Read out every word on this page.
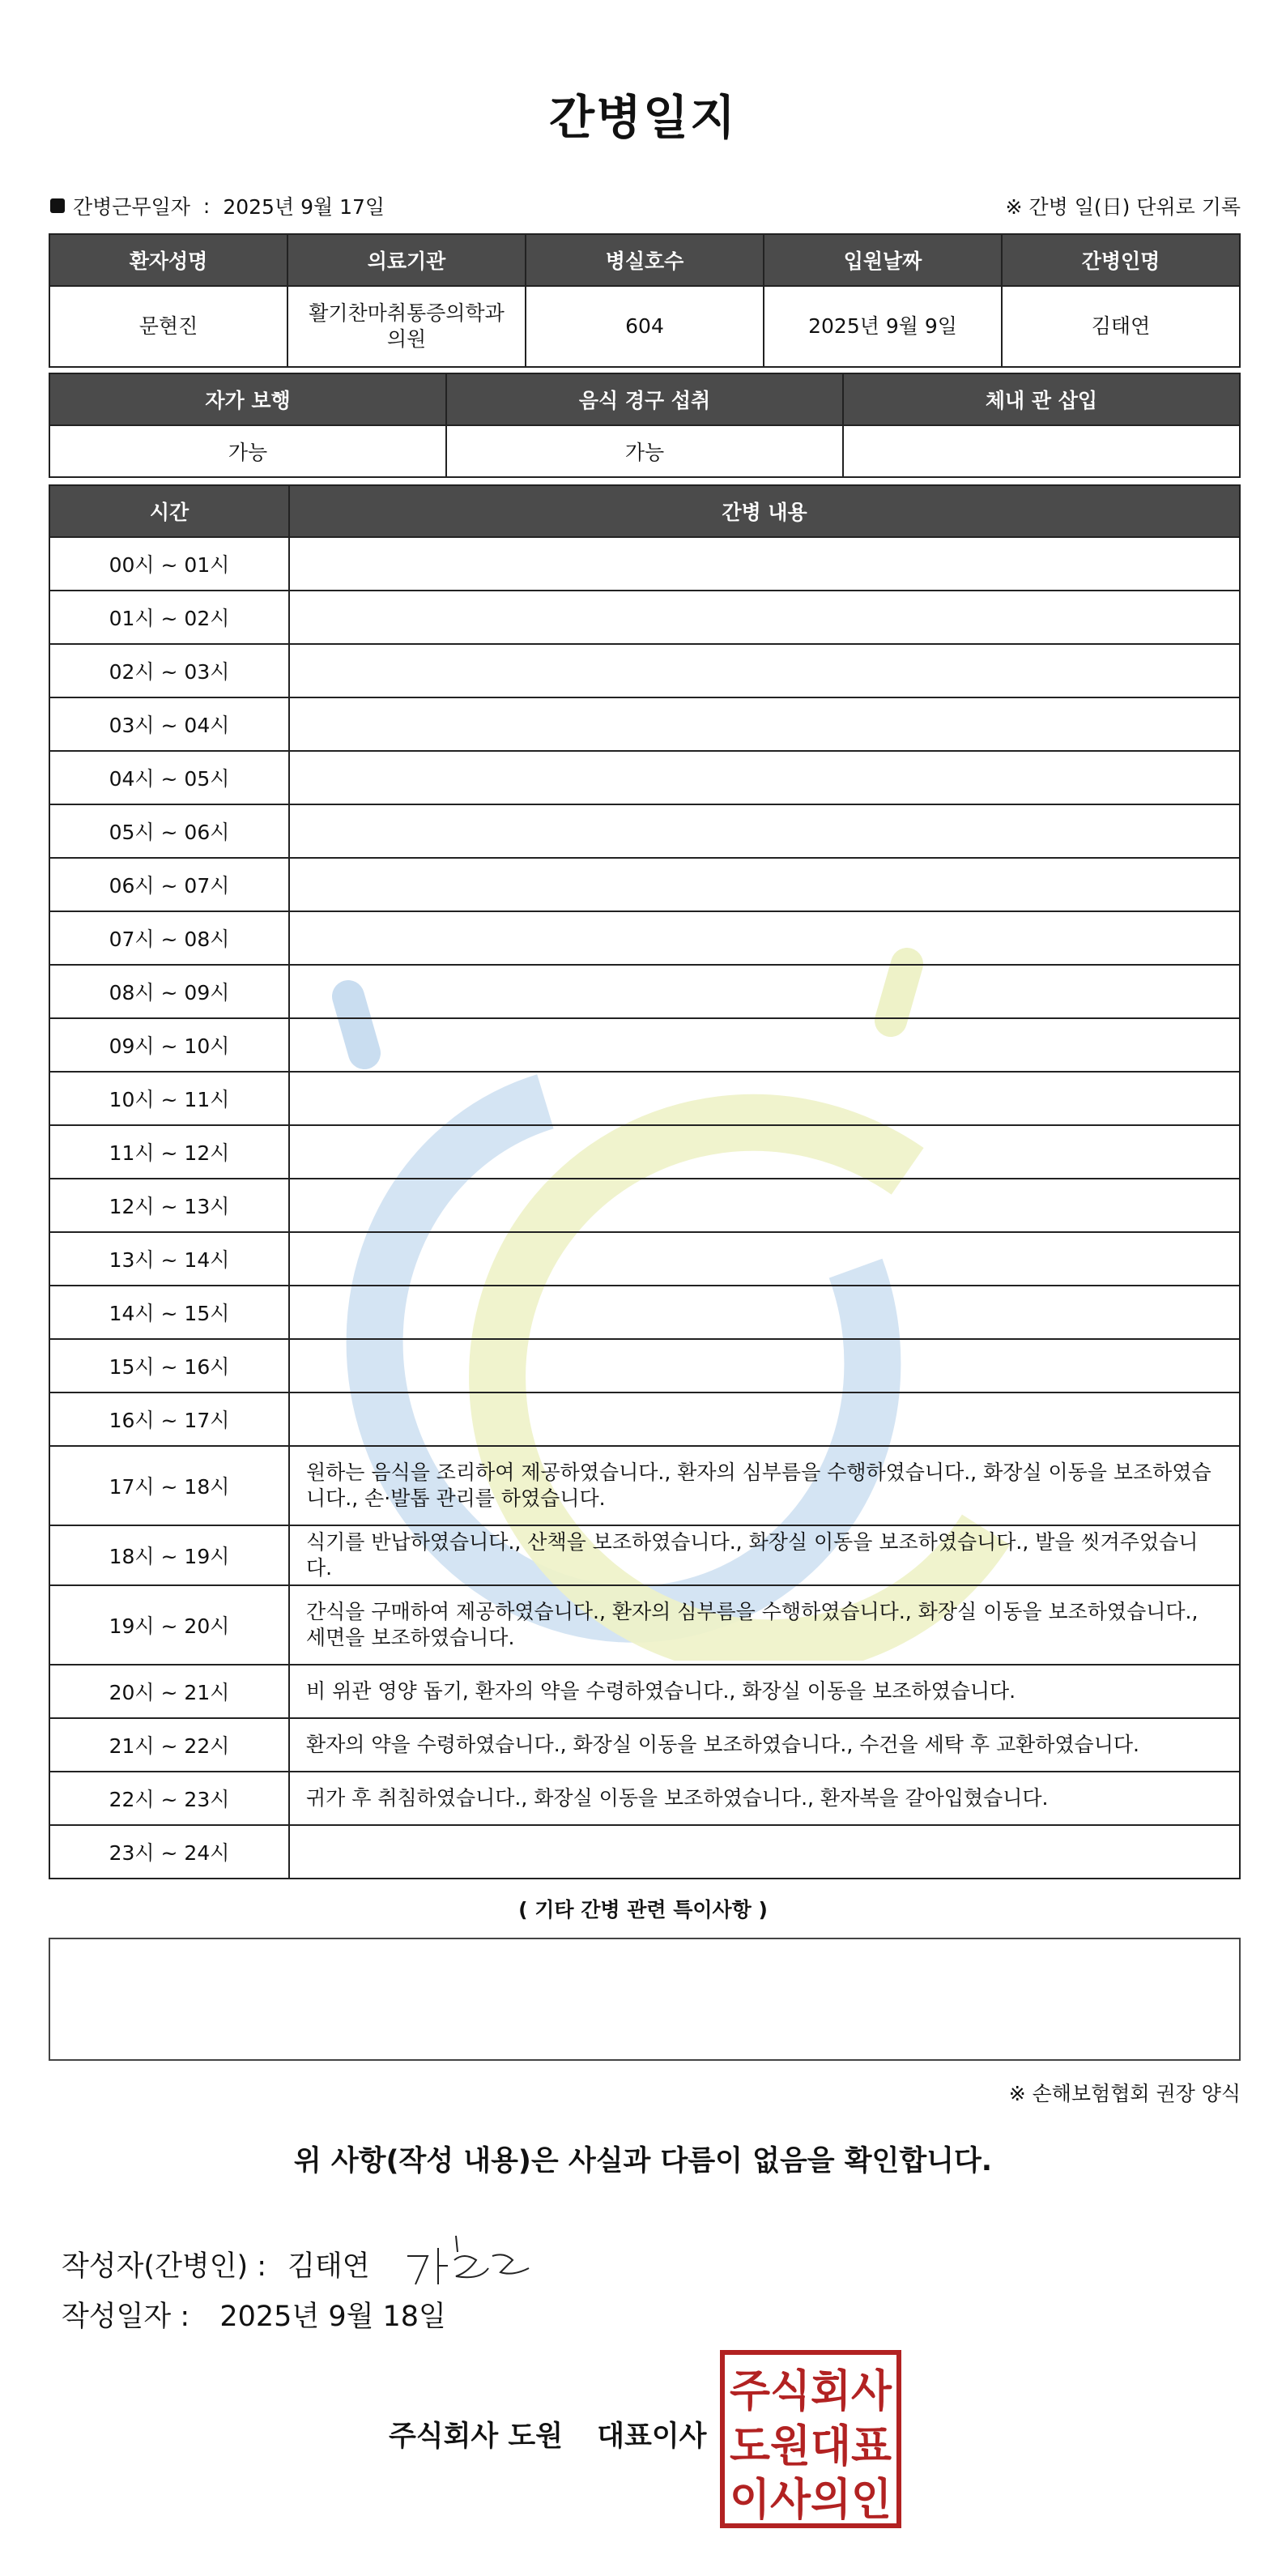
간병일지
간병근무일자 : 2025년 9월 17일	※ 간병 일(日) 단위로 기록
환자성명	의료기관	병실호수	입원날짜	간병인명
문현진	활기찬마취통증의학과의원	604	2025년 9월 9일	김태연
자가 보행	음식 경구 섭취	체내 관 삽입
가능	가능	
시간	간병 내용
00시 ~ 01시	
01시 ~ 02시	
02시 ~ 03시	
03시 ~ 04시	
04시 ~ 05시	
05시 ~ 06시	
06시 ~ 07시	
07시 ~ 08시	
08시 ~ 09시	
09시 ~ 10시	
10시 ~ 11시	
11시 ~ 12시	
12시 ~ 13시	
13시 ~ 14시	
14시 ~ 15시	
15시 ~ 16시	
16시 ~ 17시	
17시 ~ 18시	원하는 음식을 조리하여 제공하였습니다., 환자의 심부름을 수행하였습니다., 화장실 이동을 보조하였습니다., 손·발톱 관리를 하였습니다.
18시 ~ 19시	식기를 반납하였습니다., 산책을 보조하였습니다., 화장실 이동을 보조하였습니다., 발을 씻겨주었습니다.
19시 ~ 20시	간식을 구매하여 제공하였습니다., 환자의 심부름을 수행하였습니다., 화장실 이동을 보조하였습니다., 세면을 보조하였습니다.
20시 ~ 21시	비 위관 영양 돕기, 환자의 약을 수령하였습니다., 화장실 이동을 보조하였습니다.
21시 ~ 22시	환자의 약을 수령하였습니다., 화장실 이동을 보조하였습니다., 수건을 세탁 후 교환하였습니다.
22시 ~ 23시	귀가 후 취침하였습니다., 화장실 이동을 보조하였습니다., 환자복을 갈아입혔습니다.
23시 ~ 24시	
( 기타 간병 관련 특이사항 )
※ 손해보험협회 권장 양식
위 사항(작성 내용)은 사실과 다름이 없음을 확인합니다.
작성자(간병인) : 김태연
작성일자 : 2025년 9월 18일
주식회사 도원 대표이사
주식회사
도원대표
이사의인
